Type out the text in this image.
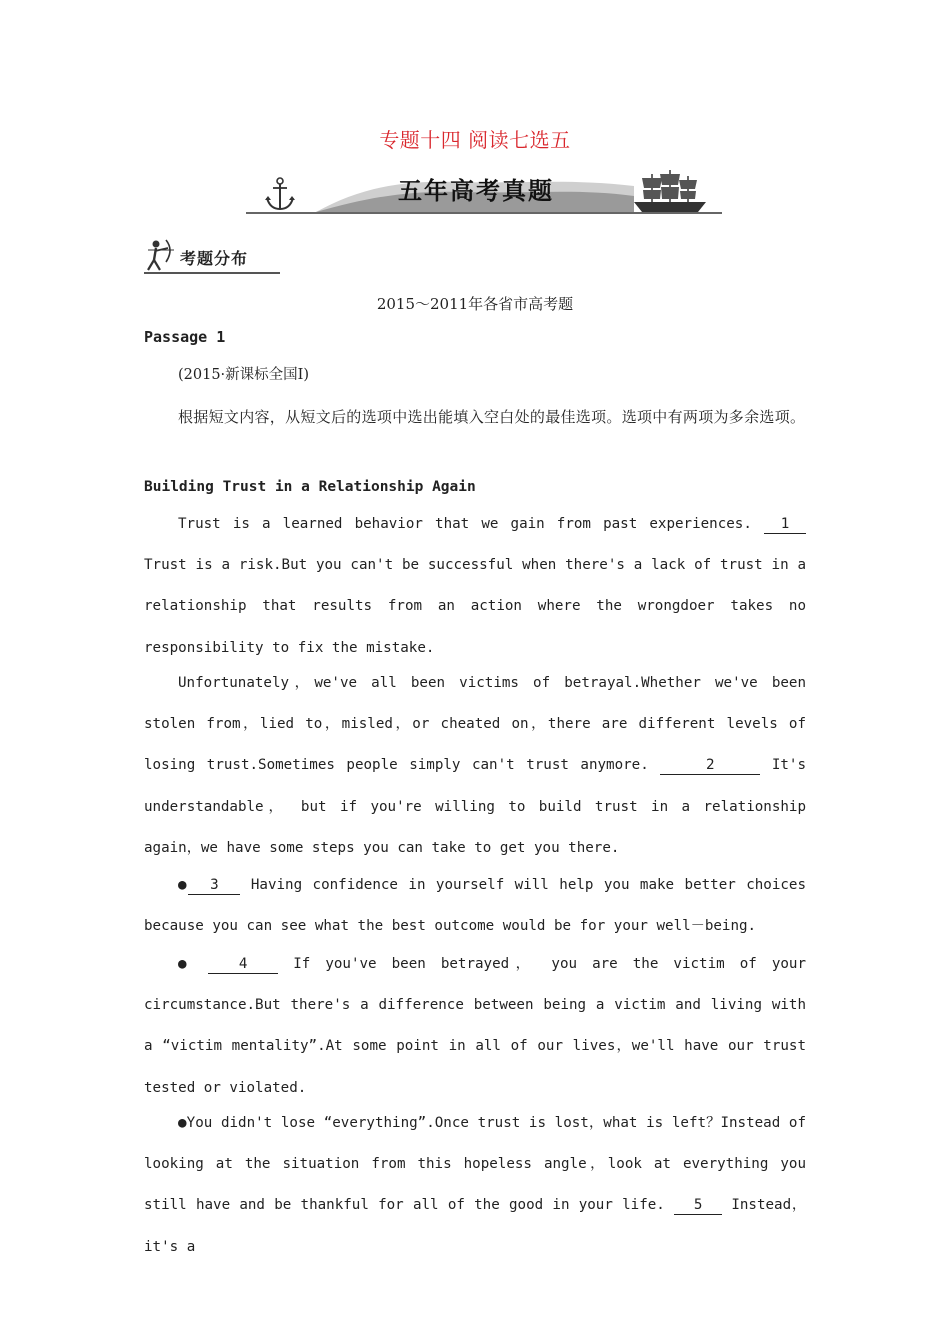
专题十四 阅读七选五
五年高考真题
考题分布
2015～2011年各省市高考题
Passage 1
(2015·新课标全国Ⅰ)
根据短文内容，从短文后的选项中选出能填入空白处的最佳选项。选项中有两项为多余选项。
Building Trust in a Relationship Again
Trust is a learned behavior that we gain from past experiences. 1 Trust is a risk.But you can't be successful when there's a lack of trust in a relationship that results from an action where the wrongdoer takes no responsibility to fix the mistake.
Unfortunately，we've all been victims of betrayal.Whether we've been stolen from，lied to，misled，or cheated on，there are different levels of losing trust.Sometimes people simply can't trust anymore.	2	It's understandable， but if you're willing to build trust in a relationship again，we have some steps you can take to get you there.
● 3 Having confidence in yourself will help you make better choices because you can see what the best outcome would be for your well－being.
●	4	If you've been betrayed， you are the victim of your circumstance.But there's a difference between being a victim and living with a “victim mentality”.At some point in all of our lives，we'll have our trust tested or violated.
●You didn't lose “everything”.Once trust is lost，what is left？Instead of looking at the situation from this hopeless angle，look at everything you still have and be thankful for all of the good in your life. 5 Instead，it's a
